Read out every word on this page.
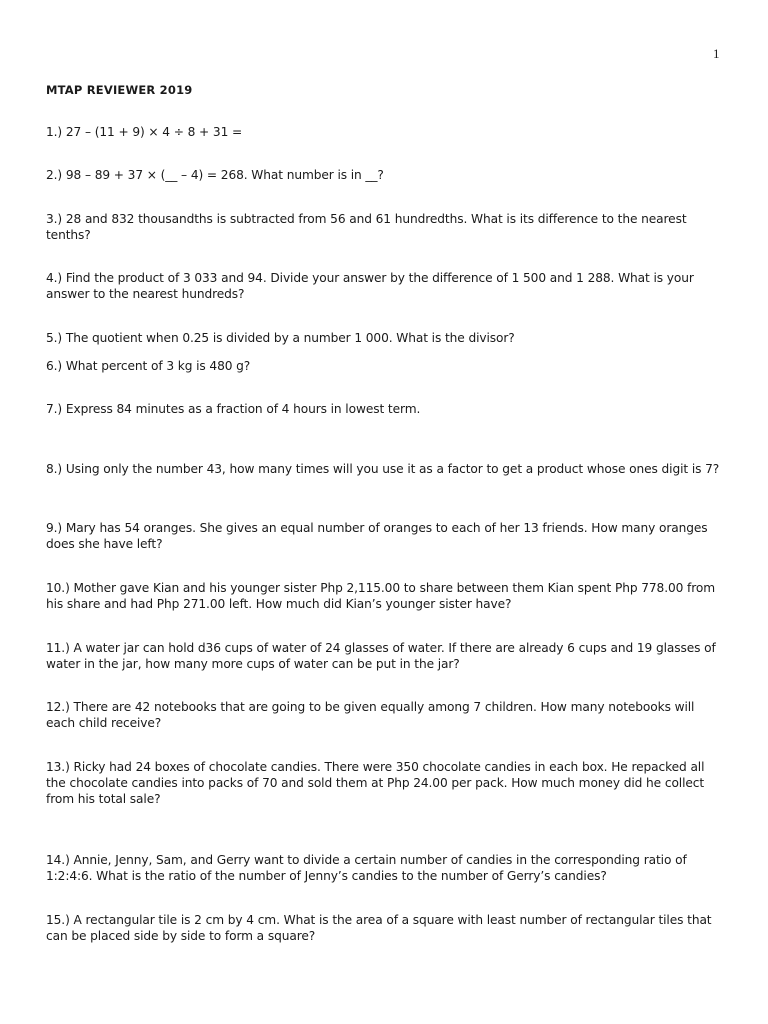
1
MTAP REVIEWER 2019
1.) 27 – (11 + 9) × 4 ÷ 8 + 31 =
2.) 98 – 89 + 37 × (__ – 4) = 268. What number is in __?
3.) 28 and 832 thousandths is subtracted from 56 and 61 hundredths. What is its difference to the nearest tenths?
4.) Find the product of 3 033 and 94. Divide your answer by the difference of 1 500 and 1 288. What is your answer to the nearest hundreds?
5.) The quotient when 0.25 is divided by a number 1 000. What is the divisor?
6.) What percent of 3 kg is 480 g?
7.) Express 84 minutes as a fraction of 4 hours in lowest term.
8.) Using only the number 43, how many times will you use it as a factor to get a product whose ones digit is 7?
9.) Mary has 54 oranges. She gives an equal number of oranges to each of her 13 friends. How many oranges does she have left?
10.) Mother gave Kian and his younger sister Php 2,115.00 to share between them Kian spent Php 778.00 from his share and had Php 271.00 left. How much did Kian’s younger sister have?
11.) A water jar can hold d36 cups of water of 24 glasses of water. If there are already 6 cups and 19 glasses of water in the jar, how many more cups of water can be put in the jar?
12.) There are 42 notebooks that are going to be given equally among 7 children. How many notebooks will each child receive?
13.) Ricky had 24 boxes of chocolate candies. There were 350 chocolate candies in each box. He repacked all the chocolate candies into packs of 70 and sold them at Php 24.00 per pack. How much money did he collect from his total sale?
14.) Annie, Jenny, Sam, and Gerry want to divide a certain number of candies in the corresponding ratio of 1:2:4:6. What is the ratio of the number of Jenny’s candies to the number of Gerry’s candies?
15.) A rectangular tile is 2 cm by 4 cm. What is the area of a square with least number of rectangular tiles that can be placed side by side to form a square?
